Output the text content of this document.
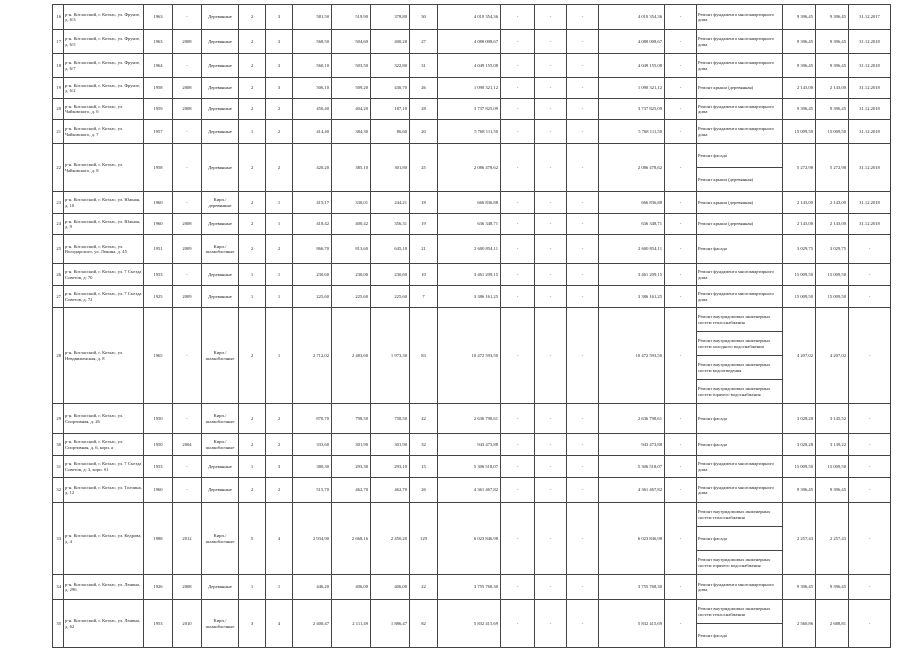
16	р-н. Котласский, г. Котлас, ул. Фрунзе, д. 6/3	1963	-	Деревянные	2	3	581,50	519,90	378,80	30	4 010 354,36	-	-	-	4 010 354,36	-	Ремонт фундамента многоквартирного дома	9 396,45	9 396,45	31.12.2017
17	р-н. Котласский, г. Котлас, ул. Фрунзе, д. 6/5	1963	2008	Деревянные	2	3	568,50	504,60	400,20	27	4 080 008,67	-	-	-	4 080 008,67	-	Ремонт фундамента многоквартирного дома	9 396,45	9 396,45	31.12.2018
18	р-н. Котласский, г. Котлас, ул. Фрунзе, д. 6/7	1964	-	Деревянные	2	3	560,10	503,50	322,80	31	4 049 155,08	-	-	-	4 049 155,08	-	Ремонт фундамента многоквартирного дома	9 396,45	9 396,45	31.12.2018
19	р-н. Котласский, г. Котлас, ул. Фрунзе, д. 6/2	1958	2008	Деревянные	2	3	506,10	509,20	430,70	26	1 090 321,12	-	-	-	1 090 321,12	-	Ремонт крыши (деревянная)	2 143,00	2 143,00	31.12.2018
20	р-н. Котласский, г. Котлас, ул. Чайковского, д. 6	1959	2008	Деревянные	2	2	450,40	404,20	187,10	28	3 737 825,09	-	-	-	3 737 825,09	-	Ремонт фундамента многоквартирного дома	9 396,45	9 396,45	31.12.2018
21	р-н. Котласский, г. Котлас, ул. Чайковского, д. 7	1957	-	Деревянные	1	2	414,40	384,30	86,60	20	5 768 111,50	-	-	-	5 768 111,50	-	Ремонт фундамента многоквартирного дома	15 009,50	15 009,50	31.12.2018
22	р-н. Котласский, г. Котлас, ул. Чайковского, д. 8	1958	-	Деревянные	2	2	420,20	385,10	301,80	25	2 086 478,62	-	-	-	2 086 478,62	-	Ремонт фасада	5 272,98	5 272,98	31.12.2018
																	Ремонт крыши (деревянная)			
23	р-н. Котласский, г. Котлас, ул. Южная, д. 10	1960	-	Кирп./деревянные	2	1	415,17	330,01	244,21	18	666 836,88	-	-	-	666 836,88	-	Ремонт крыши (деревянная)	2 143,00	2 143,00	31.12.2018
24	р-н. Котласский, г. Котлас, ул. Южная, д. 9	1960	2008	Деревянные	2	1	418,42	400,42	356,31	19	636 348,71	-	-	-	636 348,71	-	Ремонт крыши (деревянная)	2 143,00	2 143,00	31.12.2018
25	р-н. Котласский, г. Котлас, ул. Володарского, ул. Ленина, д. 45	1951	2009	Кирп./шлакоблочные	2	2	866,70	813,60	645,10	21	2 600 854,11	-	-	-	2 600 854,11	-	Ремонт фасада	3 029,75	3 029,75	-
26	р-н. Котласский, г. Котлас, ул. 7 Съезда Советов, д. 70	1953	-	Деревянные	1	1	230,60	230,00	230,60	10	3 461 209,15	-	-	-	3 461 209,15	-	Ремонт фундамента многоквартирного дома	15 009,50	15 009,50	-
27	р-н. Котласский, г. Котлас, ул. 7 Съезда Советов, д. 72	1925	2009	Деревянные	1	1	225,60	225,60	225,60	7	3 386 161,25	-	-	-	3 386 161,25	-	Ремонт фундамента многоквартирного дома	15 009,50	15 009,50	-
28	р-н. Котласский, г. Котлас, ул. Невдвиженская, д. 8	1965	-	Кирп./шлакоблочные	2	1	2 712,02	2 483,60	1 973,30	83	10 472 593,50	-	-	-	10 472 593,50	-	Ремонт внутридомовых инженерных систем теплоснабжения	4 207,02	4 207,02	-
																	Ремонт внутридомовых инженерных систем холодного водоснабжения			
																	Ремонт внутридомовых инженерных систем водоотведения			
																	Ремонт внутридомовых инженерных систем горячего водоснабжения			
29	р-н. Котласский, г. Котлас, ул. Спортивная, д. 26	1950	-	Кирп./шлакоблочные	2	2	870,70	798,50	758,50	42	2 636 798,61	-	-	-	2 636 798,61	-	Ремонт фасада	3 028,28	3 145,52	-
30	р-н. Котласский, г. Котлас, ул. Спортивная, д. 6, корп. а	1950	2004	Кирп./шлакоблочные	2	2	333,60	301,90	301,90	32	943 473,88	-	-	-	943 473,88	-	Ремонт фасада	3 028,28	3 139,22	-
31	р-н. Котласский, г. Котлас, ул. 7 Съезда Советов, д. 3, корп. б1	1953	-	Деревянные	1	3	380,30	293,30	293,10	15	5 306 518,07	-	-	-	5 306 518,07	-	Ремонт фундамента многоквартирного дома	15 009,50	15 009,50	-
32	р-н. Котласский, г. Котлас, ул. Толчина, д. 12	1960	-	Деревянные	2	2	515,70	462,70	462,70	26	4 361 467,82	-	-	-	4 361 467,82	-	Ремонт фундамента многоквартирного дома	9 396,45	9 396,45	-
33	р-н. Котласский, г. Котлас, ул. Кедрова, д. 4	1988	2012	Кирп./шлакоблочные	5	4	2 934,90	2 668,16	2 450,20	129	6 023 846,98	-	-	-	6 023 846,98	-	Ремонт внутридомовых инженерных систем теплоснабжения	2 257,43	2 257,43	-
																	Ремонт фасада			
																	Ремонт внутридомовых инженерных систем горячего водоснабжения			
34	р-н. Котласский, г. Котлас, ул. Ленина, д. 296	1926	2008	Деревянные	1	1	446,20	406,00	406,00	22	3 755 768,30	-	-	-	3 755 768,30	-	Ремонт фундамента многоквартирного дома	9 396,45	9 396,45	-
35	р-н. Котласский, г. Котлас, ул. Ленина, д. 62	1953	2010	Кирп./шлакоблочные	3	4	2 400,47	2 111,49	1 886,47	82	5 832 415,69	-	-	-	5 832 415,69	-	Ремонт внутридомовых инженерных систем теплоснабжения	2 560,86	2 688,81	-
																	Ремонт фасада			
